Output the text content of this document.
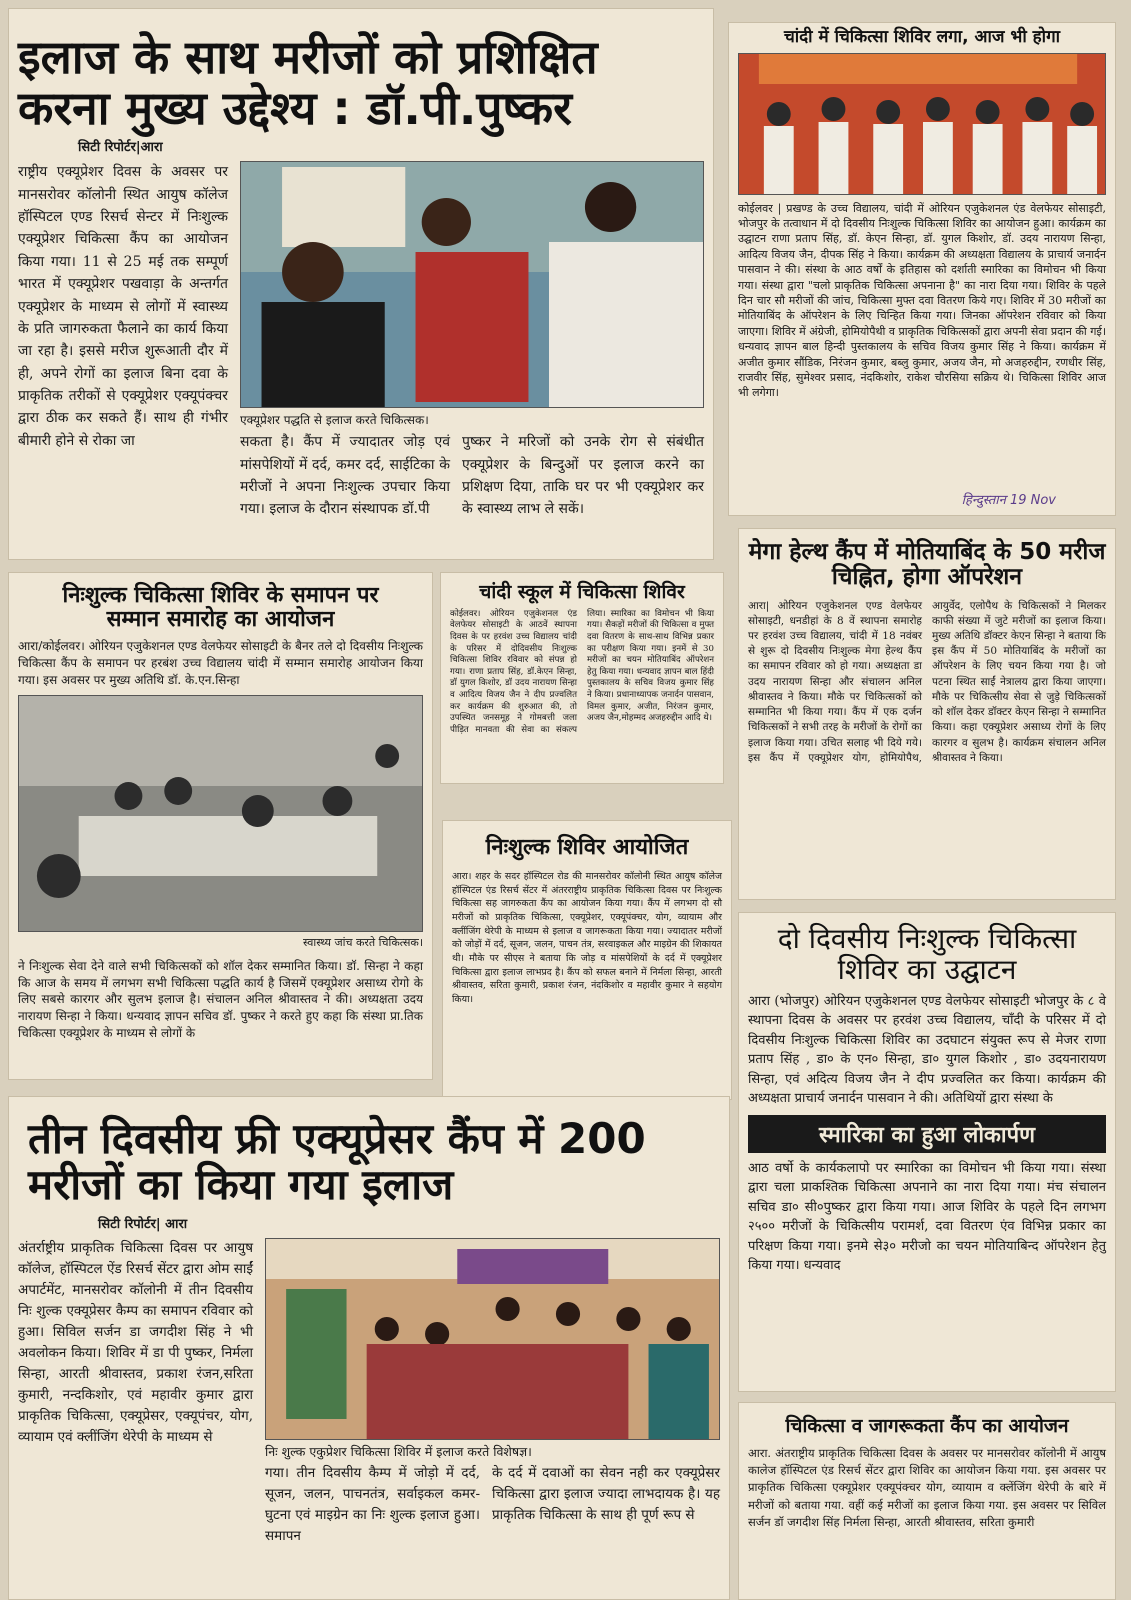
इलाज के साथ मरीजों को प्रशिक्षित करना मुख्य उद्देश्य : डॉ.पी.पुष्कर

सिटी रिपोर्टर|आरा

राष्ट्रीय एक्यूप्रेशर दिवस के अवसर पर मानसरोवर कॉलोनी स्थित आयुष कॉलेज हॉस्पिटल एण्ड रिसर्च सेन्टर में निःशुल्क एक्यूप्रेशर चिकित्सा कैंप का आयोजन किया गया। 11 से 25 मई तक सम्पूर्ण भारत में एक्यूप्रेशर पखवाड़ा के अन्तर्गत एक्यूप्रेशर के माध्यम से लोगों में स्वास्थ्य के प्रति जागरुकता फैलाने का कार्य किया जा रहा है। इससे मरीज शुरूआती दौर में ही, अपने रोगों का इलाज बिना दवा के प्राकृतिक तरीकों से एक्यूप्रेशर एक्यूपंक्चर द्वारा ठीक कर सकते हैं। साथ ही गंभीर बीमारी होने से रोका जा

एक्यूप्रेशर पद्धति से इलाज करते चिकित्सक।

सकता है। कैंप में ज्यादातर जोड़ एवं मांसपेशियों में दर्द, कमर दर्द, साईटिका के मरीजों ने अपना निःशुल्क उपचार किया गया। इलाज के दौरान संस्थापक डॉ.पी

पुष्कर ने मरिजों को उनके रोग से संबंधीत एक्यूप्रेशर के बिन्दुओं पर इलाज करने का प्रशिक्षण दिया, ताकि घर पर भी एक्यूप्रेशर कर के स्वास्थ्य लाभ ले सकें।

चांदी में चिकित्सा शिविर लगा, आज भी होगा

कोईलवर | प्रखण्ड के उच्च विद्यालय, चांदी में ओरियन एजुकेशनल एंड वेलफेयर सोसाइटी, भोजपुर के तत्वाधान में दो दिवसीय निःशुल्क चिकित्सा शिविर का आयोजन हुआ। कार्यक्रम का उद्घाटन राणा प्रताप सिंह, डॉ. केएन सिन्हा, डॉ. युगल किशोर, डॉ. उदय नारायण सिन्हा, आदित्य विजय जैन, दीपक सिंह ने किया। कार्यक्रम की अध्यक्षता विद्यालय के प्राचार्य जनार्दन पासवान ने की। संस्था के आठ वर्षों के इतिहास को दर्शाती स्मारिका का विमोचन भी किया गया। संस्था द्वारा "चलो प्राकृतिक चिकित्सा अपनाना है" का नारा दिया गया। शिविर के पहले दिन चार सौ मरीजों की जांच, चिकित्सा मुफ्त दवा वितरण किये गए। शिविर में 30 मरीजों का मोतियाबिंद के ऑपरेशन के लिए चिन्हित किया गया। जिनका ऑपरेशन रविवार को किया जाएगा। शिविर में अंग्रेजी, होमियोपैथी व प्राकृतिक चिकित्सकों द्वारा अपनी सेवा प्रदान की गई। धन्यवाद ज्ञापन बाल हिन्दी पुस्तकालय के सचिव विजय कुमार सिंह ने किया। कार्यक्रम में अजीत कुमार सौंडिक, निरंजन कुमार, बब्लु कुमार, अजय जैन, मो अजहरुद्दीन, रणधीर सिंह, राजवीर सिंह, सुमेश्वर प्रसाद, नंदकिशोर, राकेश चौरसिया सक्रिय थे। चिकित्सा शिविर आज भी लगेगा।

हिन्दुस्तान 19 Nov
निःशुल्क चिकित्सा शिविर के समापन पर सम्मान समारोह का आयोजन

आरा/कोईलवर। ओरियन एजुकेशनल एण्ड वेलफेयर सोसाइटी के बैनर तले दो दिवसीय निःशुल्क चिकित्सा कैंप के समापन पर हरबंश उच्च विद्यालय चांदी में सम्मान समारोह आयोजन किया गया। इस अवसर पर मुख्य अतिथि डॉ. के.एन.सिन्हा

स्वास्थ्य जांच करते चिकित्सक।

ने निःशुल्क सेवा देने वाले सभी चिकित्सकों को शॉल देकर सम्मानित किया। डॉ. सिन्हा ने कहा कि आज के समय में लगभग सभी चिकित्सा पद्धति कार्य है जिसमें एक्यूप्रेशर असाध्य रोगो के लिए सबसे कारगर और सुलभ इलाज है। संचालन अनिल श्रीवास्तव ने की। अध्यक्षता उदय नारायण सिन्हा ने किया। धन्यवाद ज्ञापन सचिव डॉ. पुष्कर ने करते हुए कहा कि संस्था प्रा.तिक चिकित्सा एक्यूप्रेशर के माध्यम से लोगों के

चांदी स्कूल में चिकित्सा शिविर

कोईलवर। ओरियन एजुकेशनल एंड वेलफेयर सोसाइटी के आठवें स्थापना दिवस के पर हरवंश उच्च विद्यालय चांदी के परिसर में दोदिवसीय निःशुल्क चिकित्सा शिविर रविवार को संपन्न हो गया। राणा प्रताप सिंह, डॉ.केएन सिन्हा, डॉ युगल किशोर, डॉ उदय नारायण सिन्हा व आदित्य विजय जैन ने दीप प्रज्वलित कर कार्यक्रम की शुरुआत की, तो उपस्थित जनसमूह ने गोमबत्ती जला पीड़ित मानवता की सेवा का संकल्प लिया। स्मारिका का विमोचन भी किया गया। सैकड़ों मरीजों की चिकित्सा व मुफ्त दवा वितरण के साथ-साथ विभिन्न प्रकार का परीक्षण किया गया। इनमें से 30 मरीजों का चयन मोतियाबिंद ऑपरेशन हेतु किया गया। धन्यवाद ज्ञापन बाल हिंदी पुस्तकालय के सचिव विजय कुमार सिंह ने किया। प्रधानाध्यापक जनार्दन पासवान, विमल कुमार, अजीत, निरंजन कुमार, अजय जैन,मोहम्मद अजहरुद्दीन आदि थे।

मेगा हेल्थ कैंप में मोतियाबिंद के 50 मरीज चिह्नित, होगा ऑपरेशन

आरा| ओरियन एजुकेशनल एण्ड वेलफेयर सोसाइटी, धनडीहां के 8 वें स्थापना समारोह पर हरवंश उच्च विद्यालय, चांदी में 18 नवंबर से शुरू दो दिवसीय निःशुल्क मेगा हेल्थ कैंप का समापन रविवार को हो गया। अध्यक्षता डा उदय नारायण सिन्हा और संचालन अनिल श्रीवास्तव ने किया। मौके पर चिकित्सकों को सम्मानित भी किया गया। कैंप में एक दर्जन चिकित्सकों ने सभी तरह के मरीजों के रोगों का इलाज किया गया। उचित सलाह भी दिये गये। इस कैंप में एक्यूप्रेशर योग, होमियोपैथ, आयुर्वेद, एलोपैथ के चिकित्सकों ने मिलकर काफी संख्या में जुटे मरीजों का इलाज किया। मुख्य अतिथि डॉक्टर केएन सिन्हा ने बताया कि इस कैंप में 50 मोतियाबिंद के मरीजों का ऑपरेशन के लिए चयन किया गया है। जो पटना स्थित साईं नेत्रालय द्वारा किया जाएगा। मौके पर चिकित्सीय सेवा से जुड़े चिकित्सकों को शॉल देकर डॉक्टर केएन सिन्हा ने सम्मानित किया। कहा एक्यूप्रेशर असाध्य रोगों के लिए कारगर व सुलभ है। कार्यक्रम संचालन अनिल श्रीवास्तव ने किया।

निःशुल्क शिविर आयोजित

आरा। शहर के सदर हॉस्पिटल रोड की मानसरोवर कॉलोनी स्थित आयुष कॉलेज हॉस्पिटल एंड रिसर्च सेंटर में अंतरराष्ट्रीय प्राकृतिक चिकित्सा दिवस पर निःशुल्क चिकित्सा सह जागरुकता कैंप का आयोजन किया गया। कैंप में लगभग दो सौ मरीजों को प्राकृतिक चिकित्सा, एक्यूप्रेशर, एक्यूपंक्चर, योग, व्यायाम और क्लींजिंग थेरेपी के माध्यम से इलाज व जागरूकता किया गया। ज्यादातर मरीजों को जोड़ों में दर्द, सूजन, जलन, पाचन तंत्र, सरवाइकल और माइग्रेन की शिकायत थी। मौके पर सीएस ने बताया कि जोड़ व मांसपेशियों के दर्द में एक्यूप्रेशर चिकित्सा द्वारा इलाज लाभप्रद है। कैंप को सफल बनाने में निर्मला सिन्हा, आरती श्रीवास्तव, सरिता कुमारी, प्रकाश रंजन, नंदकिशोर व महावीर कुमार ने सहयोग किया।

दो दिवसीय निःशुल्क चिकित्सा शिविर का उद्घाटन

आरा (भोजपुर) ओरियन एजुकेशनल एण्ड वेलफेयर सोसाइटी भोजपुर के ८ वे स्थापना दिवस के अवसर पर हरवंश उच्च विद्यालय, चाँदी के परिसर में दो दिवसीय निःशुल्क चिकित्सा शिविर का उदघाटन संयुक्त रूप से मेजर राणा प्रताप सिंह , डा० के एन० सिन्हा, डा० युगल किशोर , डा० उदयनारायण सिन्हा, एवं अदित्य विजय जैन ने दीप प्रज्वलित कर किया। कार्यक्रम की अध्यक्षता प्राचार्य जनार्दन पासवान ने की। अतिथियों द्वारा संस्था के

स्मारिका का हुआ लोकार्पण

आठ वर्षो के कार्यकलापो पर स्मारिका का विमोचन भी किया गया। संस्था द्वारा चला प्राकश्तिक चिकित्सा अपनाने का नारा दिया गया। मंच संचालन सचिव डा० सी०पुष्कर द्वारा किया गया। आज शिविर के पहले दिन लगभग २५०० मरीजों के चिकित्सीय परामर्श, दवा वितरण एंव विभिन्न प्रकार का परिक्षण किया गया। इनमे से३० मरीजो का चयन मोतियाबिन्द ऑपरेशन हेतु किया गया। धन्यवाद

तीन दिवसीय फ्री एक्यूप्रेसर कैंप में 200 मरीजों का किया गया इलाज

सिटी रिपोर्टर| आरा

अंतर्राष्ट्रीय प्राकृतिक चिकित्सा दिवस पर आयुष कॉलेज, हॉस्पिटल ऐंड रिसर्च सेंटर द्वारा ओम साईं अपार्टमेंट, मानसरोवर कॉलोनी में तीन दिवसीय निः शुल्क एक्यूप्रेसर कैम्प का समापन रविवार को हुआ। सिविल सर्जन डा जगदीश सिंह ने भी अवलोकन किया। शिविर में डा पी पुष्कर, निर्मला सिन्हा, आरती श्रीवास्तव, प्रकाश रंजन,सरिता कुमारी, नन्दकिशोर, एवं महावीर कुमार द्वारा प्राकृतिक चिकित्सा, एक्यूप्रेसर, एक्यूपंचर, योग, व्यायाम एवं क्लींजिंग थेरेपी के माध्यम से

निः शुल्क एकुप्रेशर चिकित्सा शिविर में इलाज करते विशेषज्ञ।

गया। तीन दिवसीय कैम्प में जोड़ो में दर्द, सूजन, जलन, पाचनतंत्र, सर्वाइकल कमर-घुटना एवं माइग्रेन का निः शुल्क इलाज हुआ। समापन

के दर्द में दवाओं का सेवन नही कर एक्यूप्रेसर चिकित्सा द्वारा इलाज ज्यादा लाभदायक है। यह प्राकृतिक चिकित्सा के साथ ही पूर्ण रूप से

चिकित्सा व जागरूकता कैंप का आयोजन

आरा. अंतराष्ट्रीय प्राकृतिक चिकित्सा दिवस के अवसर पर मानसरोवर कॉलोनी में आयुष कालेज हॉस्पिटल एंड रिसर्च सेंटर द्वारा शिविर का आयोजन किया गया. इस अवसर पर प्राकृतिक चिकित्सा एक्यूप्रेशर एक्यूपंक्चर योग, व्यायाम व क्लेंजिंग थेरेपी के बारे में मरीजों को बताया गया. वहीं कई मरीजों का इलाज किया गया. इस अवसर पर सिविल सर्जन डॉ जगदीश सिंह निर्मला सिन्हा, आरती श्रीवास्तव, सरिता कुमारी
